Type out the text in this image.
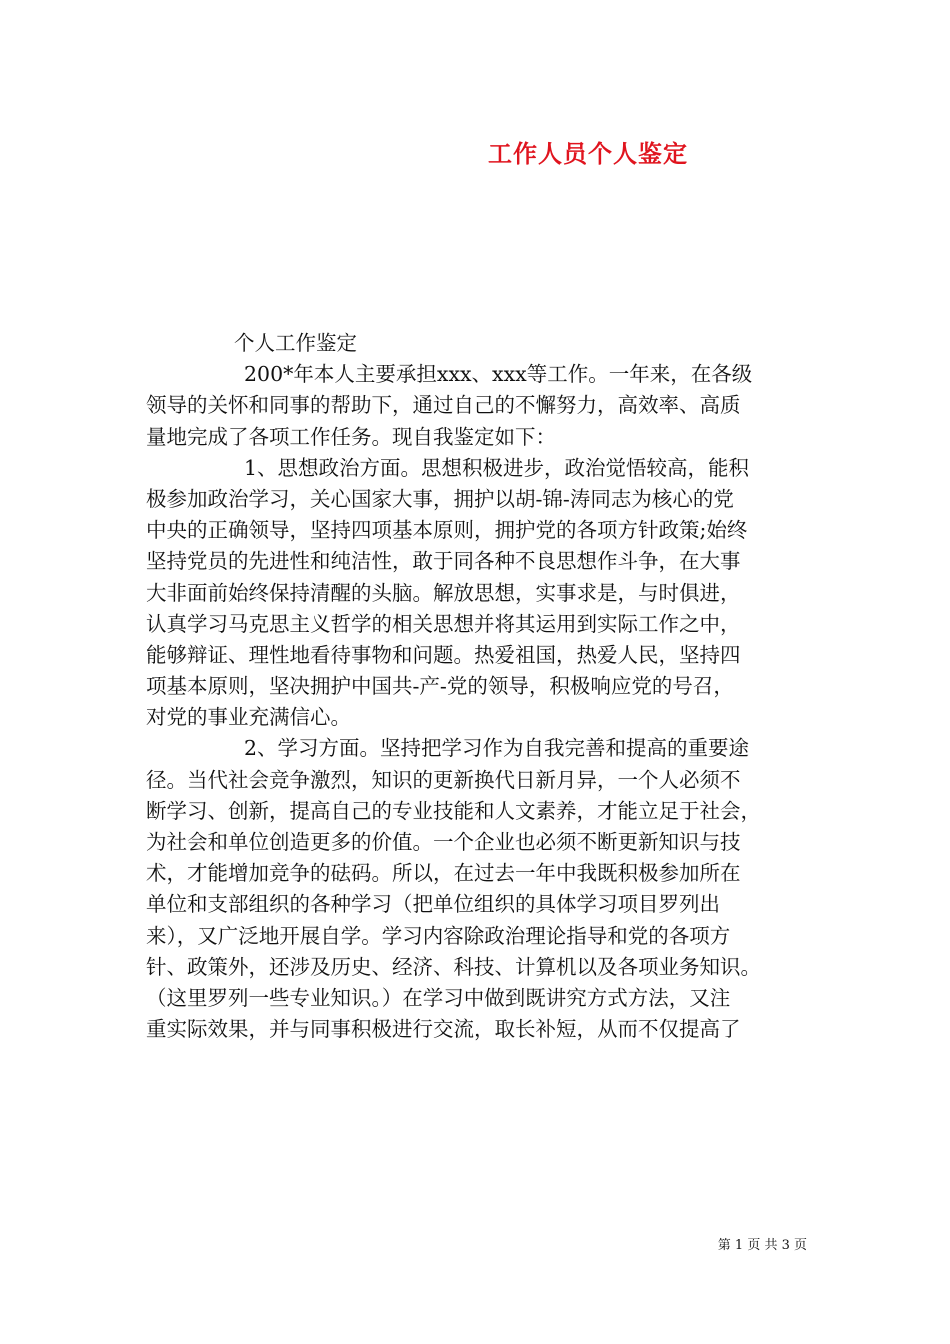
工作人员个人鉴定
个人工作鉴定
200*年本人主要承担xxx、xxx等工作。一年来，在各级
领导的关怀和同事的帮助下，通过自己的不懈努力，高效率、高质
量地完成了各项工作任务。现自我鉴定如下：
1、思想政治方面。思想积极进步，政治觉悟较高，能积
极参加政治学习，关心国家大事，拥护以胡-锦-涛同志为核心的党
中央的正确领导，坚持四项基本原则，拥护党的各项方针政策;始终
坚持党员的先进性和纯洁性，敢于同各种不良思想作斗争，在大事
大非面前始终保持清醒的头脑。解放思想，实事求是，与时俱进，
认真学习马克思主义哲学的相关思想并将其运用到实际工作之中，
能够辩证、理性地看待事物和问题。热爱祖国，热爱人民，坚持四
项基本原则，坚决拥护中国共-产-党的领导，积极响应党的号召，
对党的事业充满信心。
2、学习方面。坚持把学习作为自我完善和提高的重要途
径。当代社会竞争激烈，知识的更新换代日新月异，一个人必须不
断学习、创新，提高自己的专业技能和人文素养，才能立足于社会，
为社会和单位创造更多的价值。一个企业也必须不断更新知识与技
术，才能增加竞争的砝码。所以，在过去一年中我既积极参加所在
单位和支部组织的各种学习（把单位组织的具体学习项目罗列出
来），又广泛地开展自学。学习内容除政治理论指导和党的各项方
针、政策外，还涉及历史、经济、科技、计算机以及各项业务知识。
（这里罗列一些专业知识。）在学习中做到既讲究方式方法，又注
重实际效果，并与同事积极进行交流，取长补短，从而不仅提高了
第 1 页 共 3 页
